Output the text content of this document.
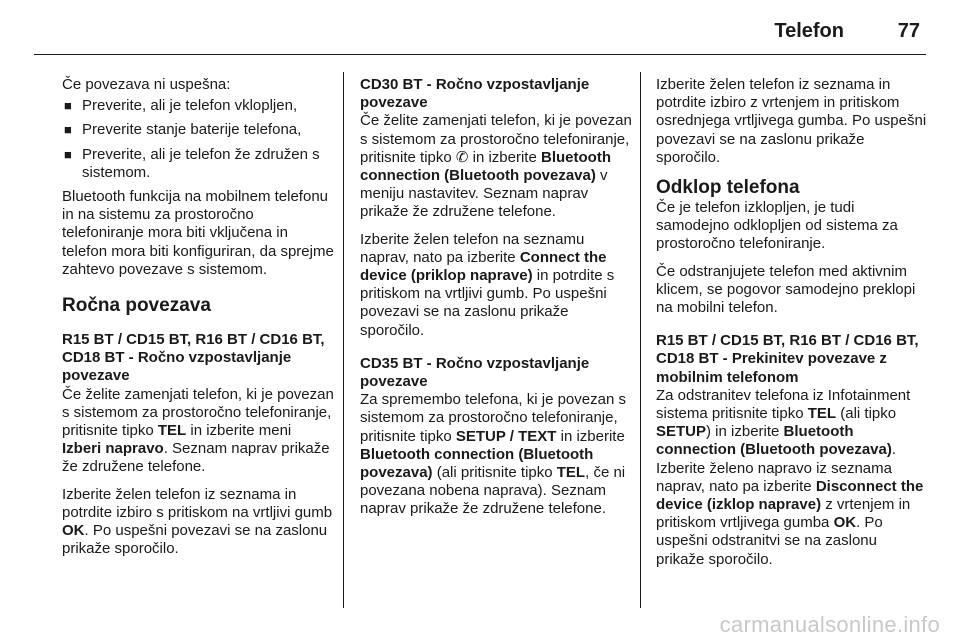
Telefon	77

Če povezava ni uspešna:

■ Preverite, ali je telefon vklopljen,
■ Preverite stanje baterije telefona,
■ Preverite, ali je telefon že združen s sistemom.

Bluetooth funkcija na mobilnem telefonu in na sistemu za prostoročno telefoniranje mora biti vključena in telefon mora biti konfiguriran, da sprejme zahtevo povezave s sistemom.

Ročna povezava

R15 BT / CD15 BT, R16 BT / CD16 BT, CD18 BT - Ročno vzpostavljanje povezave

Če želite zamenjati telefon, ki je povezan s sistemom za prostoročno telefoniranje, pritisnite tipko TEL in izberite meni Izberi napravo. Seznam naprav prikaže že združene telefone.

Izberite želen telefon iz seznama in potrdite izbiro s pritiskom na vrtljivi gumb OK. Po uspešni povezavi se na zaslonu prikaže sporočilo.

CD30 BT - Ročno vzpostavljanje povezave

Če želite zamenjati telefon, ki je povezan s sistemom za prostoročno telefoniranje, pritisnite tipko ✆ in izberite Bluetooth connection (Bluetooth povezava) v meniju nastavitev. Seznam naprav prikaže že združene telefone.

Izberite želen telefon na seznamu naprav, nato pa izberite Connect the device (priklop naprave) in potrdite s pritiskom na vrtljivi gumb. Po uspešni povezavi se na zaslonu prikaže sporočilo.

CD35 BT - Ročno vzpostavljanje povezave

Za spremembo telefona, ki je povezan s sistemom za prostoročno telefoniranje, pritisnite tipko SETUP / TEXT in izberite Bluetooth connection (Bluetooth povezava) (ali pritisnite tipko TEL, če ni povezana nobena naprava). Seznam naprav prikaže že združene telefone.

Izberite želen telefon iz seznama in potrdite izbiro z vrtenjem in pritiskom osrednjega vrtljivega gumba. Po uspešni povezavi se na zaslonu prikaže sporočilo.

Odklop telefona

Če je telefon izklopljen, je tudi samodejno odklopljen od sistema za prostoročno telefoniranje.

Če odstranjujete telefon med aktivnim klicem, se pogovor samodejno preklopi na mobilni telefon.

R15 BT / CD15 BT, R16 BT / CD16 BT, CD18 BT - Prekinitev povezave z mobilnim telefonom

Za odstranitev telefona iz Infotainment sistema pritisnite tipko TEL (ali tipko SETUP) in izberite Bluetooth connection (Bluetooth povezava). Izberite želeno napravo iz seznama naprav, nato pa izberite Disconnect the device (izklop naprave) z vrtenjem in pritiskom vrtljivega gumba OK. Po uspešni odstranitvi se na zaslonu prikaže sporočilo.

carmanualsonline.info
